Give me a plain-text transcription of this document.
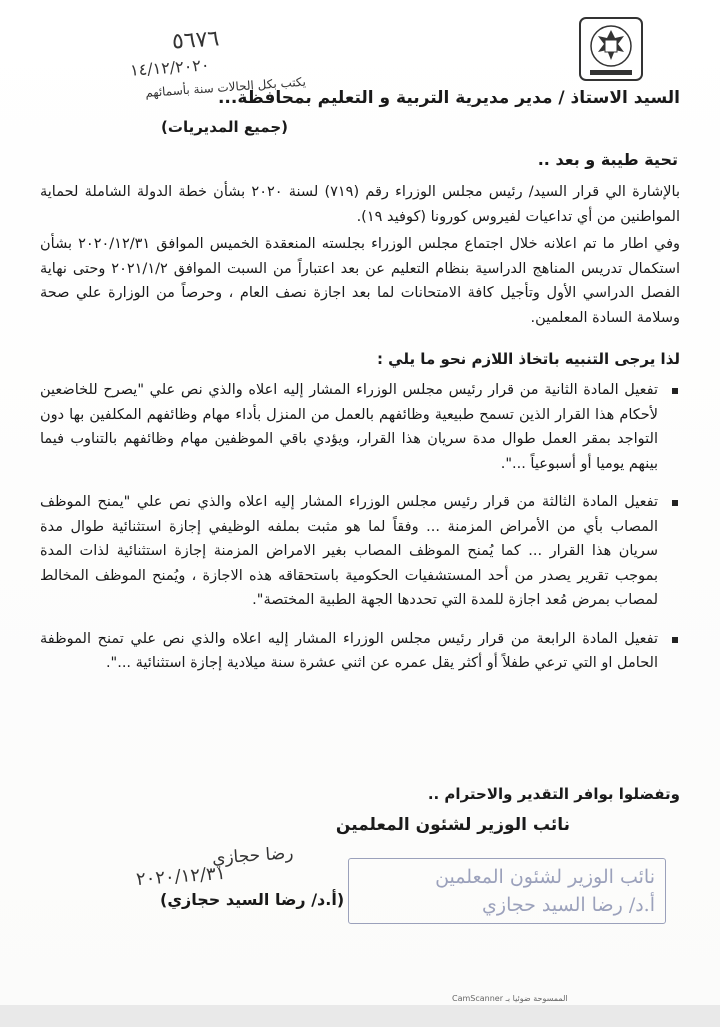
٥٦٧٦
١٤/١٢/٢٠٢٠
يكتب بكل الحالات سنة بأسمائهم
السيد الاستاذ / مدير مديرية التربية و التعليم بمحافظة...
(جميع المديريات)
تحية طيبة و بعد ..
بالإشارة الي قرار السيد/ رئيس مجلس الوزراء رقم (٧١٩) لسنة ٢٠٢٠ بشأن خطة الدولة الشاملة لحماية المواطنين من أي تداعيات لفيروس كورونا (كوفيد ١٩).
وفي اطار ما تم اعلانه خلال اجتماع مجلس الوزراء بجلسته المنعقدة الخميس الموافق ٢٠٢٠/١٢/٣١ بشأن استكمال تدريس المناهج الدراسية بنظام التعليم عن بعد اعتباراً من السبت الموافق ٢٠٢١/١/٢ وحتى نهاية الفصل الدراسي الأول وتأجيل كافة الامتحانات لما بعد اجازة نصف العام ، وحرصاً من الوزارة علي صحة وسلامة السادة المعلمين.
لذا يرجى التنبيه باتخاذ اللازم نحو ما يلي :
تفعيل المادة الثانية من قرار رئيس مجلس الوزراء المشار إليه اعلاه والذي نص علي "يصرح للخاضعين لأحكام هذا القرار الذين تسمح طبيعية وظائفهم بالعمل من المنزل بأداء مهام وظائفهم المكلفين بها دون التواجد بمقر العمل طوال مدة سريان هذا القرار، ويؤدي باقي الموظفين مهام وظائفهم بالتناوب فيما بينهم يوميا أو أسبوعياً ...".
تفعيل المادة الثالثة من قرار رئيس مجلس الوزراء المشار إليه اعلاه والذي نص علي "يمنح الموظف المصاب بأي من الأمراض المزمنة ... وفقاً لما هو مثبت بملفه الوظيفي إجازة استثنائية طوال مدة سريان هذا القرار ... كما يُمنح الموظف المصاب بغير الامراض المزمنة إجازة استثنائية لذات المدة بموجب تقرير يصدر من أحد المستشفيات الحكومية باستحقاقه هذه الاجازة ، ويُمنح الموظف المخالط لمصاب بمرض مُعد اجازة للمدة التي تحددها الجهة الطبية المختصة".
تفعيل المادة الرابعة من قرار رئيس مجلس الوزراء المشار إليه اعلاه والذي نص علي تمنح الموظفة الحامل او التي ترعي طفلاً أو أكثر يقل عمره عن اثني عشرة سنة ميلادية إجازة استثنائية ...".
وتفضلوا بوافر التقدير والاحترام ..
نائب الوزير لشئون المعلمين
نائب الوزير لشئون المعلمين
أ.د/ رضا السيد حجازي
رضا حجازي
٢٠٢٠/١٢/٣١
(أ.د/ رضا السيد حجازي)
CamScanner الممسوحة ضوئيا بـ
